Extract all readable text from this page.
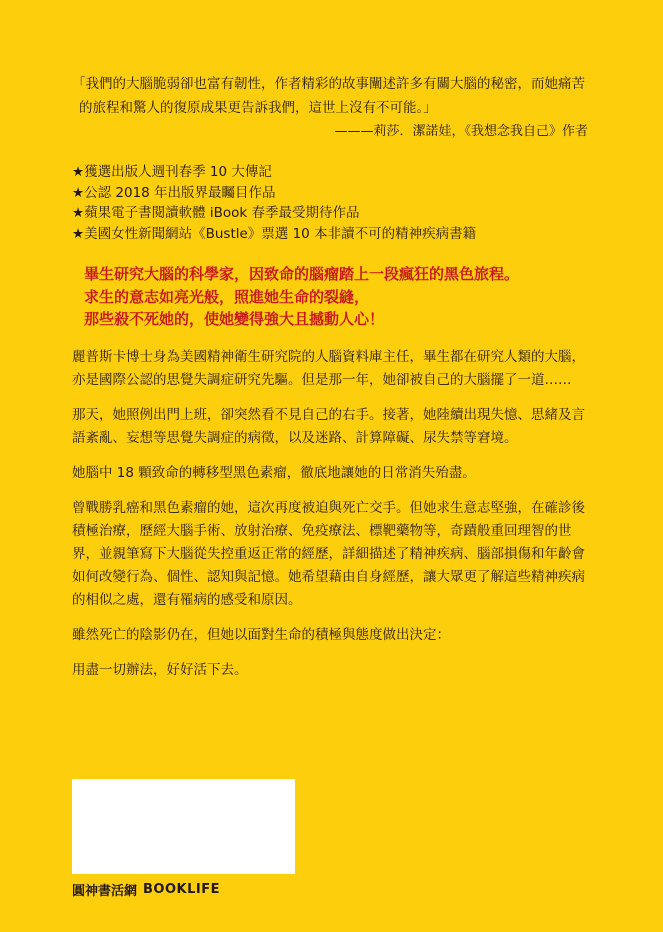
「我們的大腦脆弱卻也富有韌性，作者精彩的故事闡述許多有關大腦的秘密，而她痛苦的旅程和驚人的復原成果更告訴我們，這世上沒有不可能。」

———莉莎．潔諾娃，《我想念我自己》作者
★獲選出版人週刊春季 10 大傳記
★公認 2018 年出版界最矚目作品
★蘋果電子書閱讀軟體 iBook 春季最受期待作品
★美國女性新聞網站《Bustle》票選 10 本非讀不可的精神疾病書籍
畢生研究大腦的科學家，因致命的腦瘤踏上一段瘋狂的黑色旅程。
求生的意志如亮光般，照進她生命的裂縫，
那些殺不死她的，使她變得強大且撼動人心！

麗普斯卡博士身為美國精神衛生研究院的人腦資料庫主任，畢生都在研究人類的大腦，亦是國際公認的思覺失調症研究先驅。但是那一年，她卻被自己的大腦擺了一道……

那天，她照例出門上班，卻突然看不見自己的右手。接著，她陸續出現失憶、思緒及言語紊亂、妄想等思覺失調症的病徵，以及迷路、計算障礙、尿失禁等窘境。

她腦中 18 顆致命的轉移型黑色素瘤，徹底地讓她的日常消失殆盡。

曾戰勝乳癌和黑色素瘤的她，這次再度被迫與死亡交手。但她求生意志堅強，在確診後積極治療，歷經大腦手術、放射治療、免疫療法、標靶藥物等，奇蹟般重回理智的世界，並親筆寫下大腦從失控重返正常的經歷，詳細描述了精神疾病、腦部損傷和年齡會如何改變行為、個性、認知與記憶。她希望藉由自身經歷，讓大眾更了解這些精神疾病的相似之處，還有罹病的感受和原因。

雖然死亡的陰影仍在，但她以面對生命的積極與態度做出決定：

用盡一切辦法，好好活下去。

圓神書活網 BOOKLIFE
